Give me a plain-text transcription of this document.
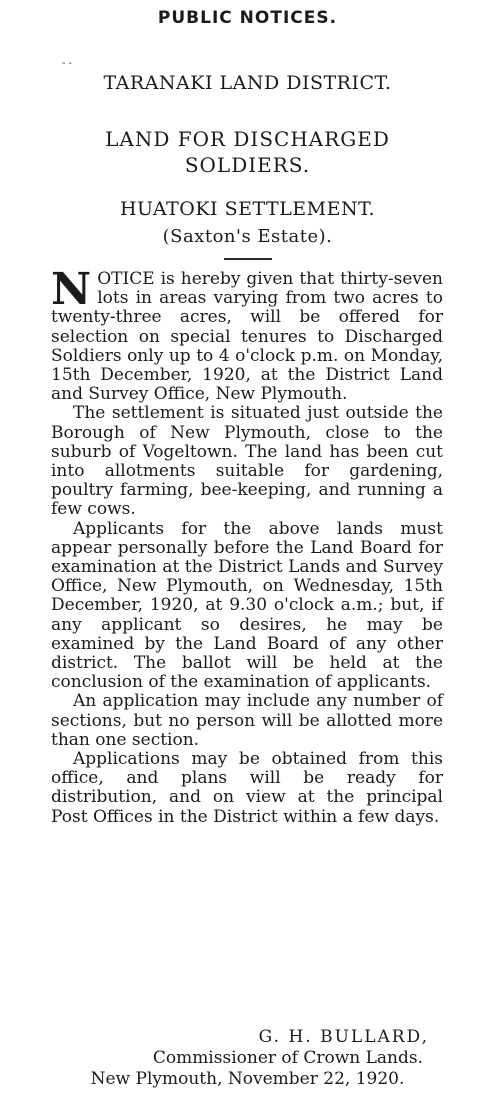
PUBLIC NOTICES.
- -
TARANAKI LAND DISTRICT.
LAND FOR DISCHARGED SOLDIERS.
HUATOKI SETTLEMENT.
(Saxton's Estate).

NOTICE is hereby given that thirty-seven lots in areas varying from two acres to twenty-three acres, will be offered for selection on special tenures to Discharged Soldiers only up to 4 o'clock p.m. on Monday, 15th December, 1920, at the District Land and Survey Office, New Plymouth.

The settlement is situated just outside the Borough of New Plymouth, close to the suburb of Vogeltown. The land has been cut into allotments suitable for gardening, poultry farming, bee-keeping, and running a few cows.

Applicants for the above lands must appear personally before the Land Board for examination at the District Lands and Survey Office, New Plymouth, on Wednesday, 15th December, 1920, at 9.30 o'clock a.m.; but, if any applicant so desires, he may be examined by the Land Board of any other district. The ballot will be held at the conclusion of the examination of applicants.

An application may include any number of sections, but no person will be allotted more than one section.

Applications may be obtained from this office, and plans will be ready for distribution, and on view at the principal Post Offices in the District within a few days.

G. H. BULLARD,
Commissioner of Crown Lands.
New Plymouth, November 22, 1920.
